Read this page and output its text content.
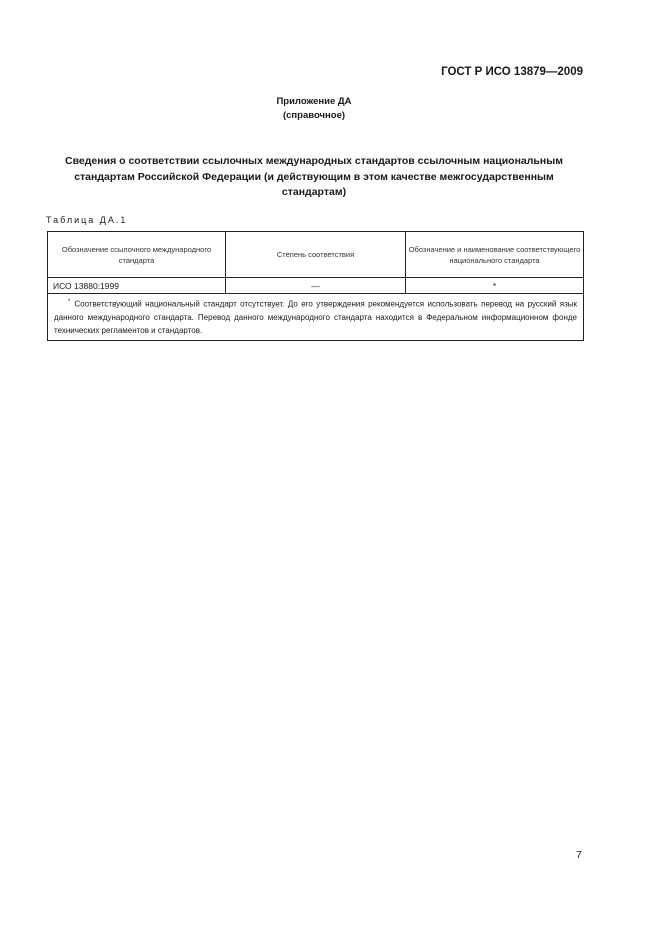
ГОСТ Р ИСО 13879—2009
Приложение ДА
(справочное)
Сведения о соответствии ссылочных международных стандартов ссылочным национальным стандартам Российской Федерации (и действующим в этом качестве межгосударственным стандартам)
Таблица ДА.1
Обозначение ссылочного международного стандарта	Степень соответствия	Обозначение и наименование соответствующего национального стандарта
ИСО 13880:1999	—	*
* Соответствующий национальный стандарт отсутствует. До его утверждения рекомендуется использовать перевод на русский язык данного международного стандарта. Перевод данного международного стандарта находится в Федеральном информационном фонде технических регламентов и стандартов.		
7
